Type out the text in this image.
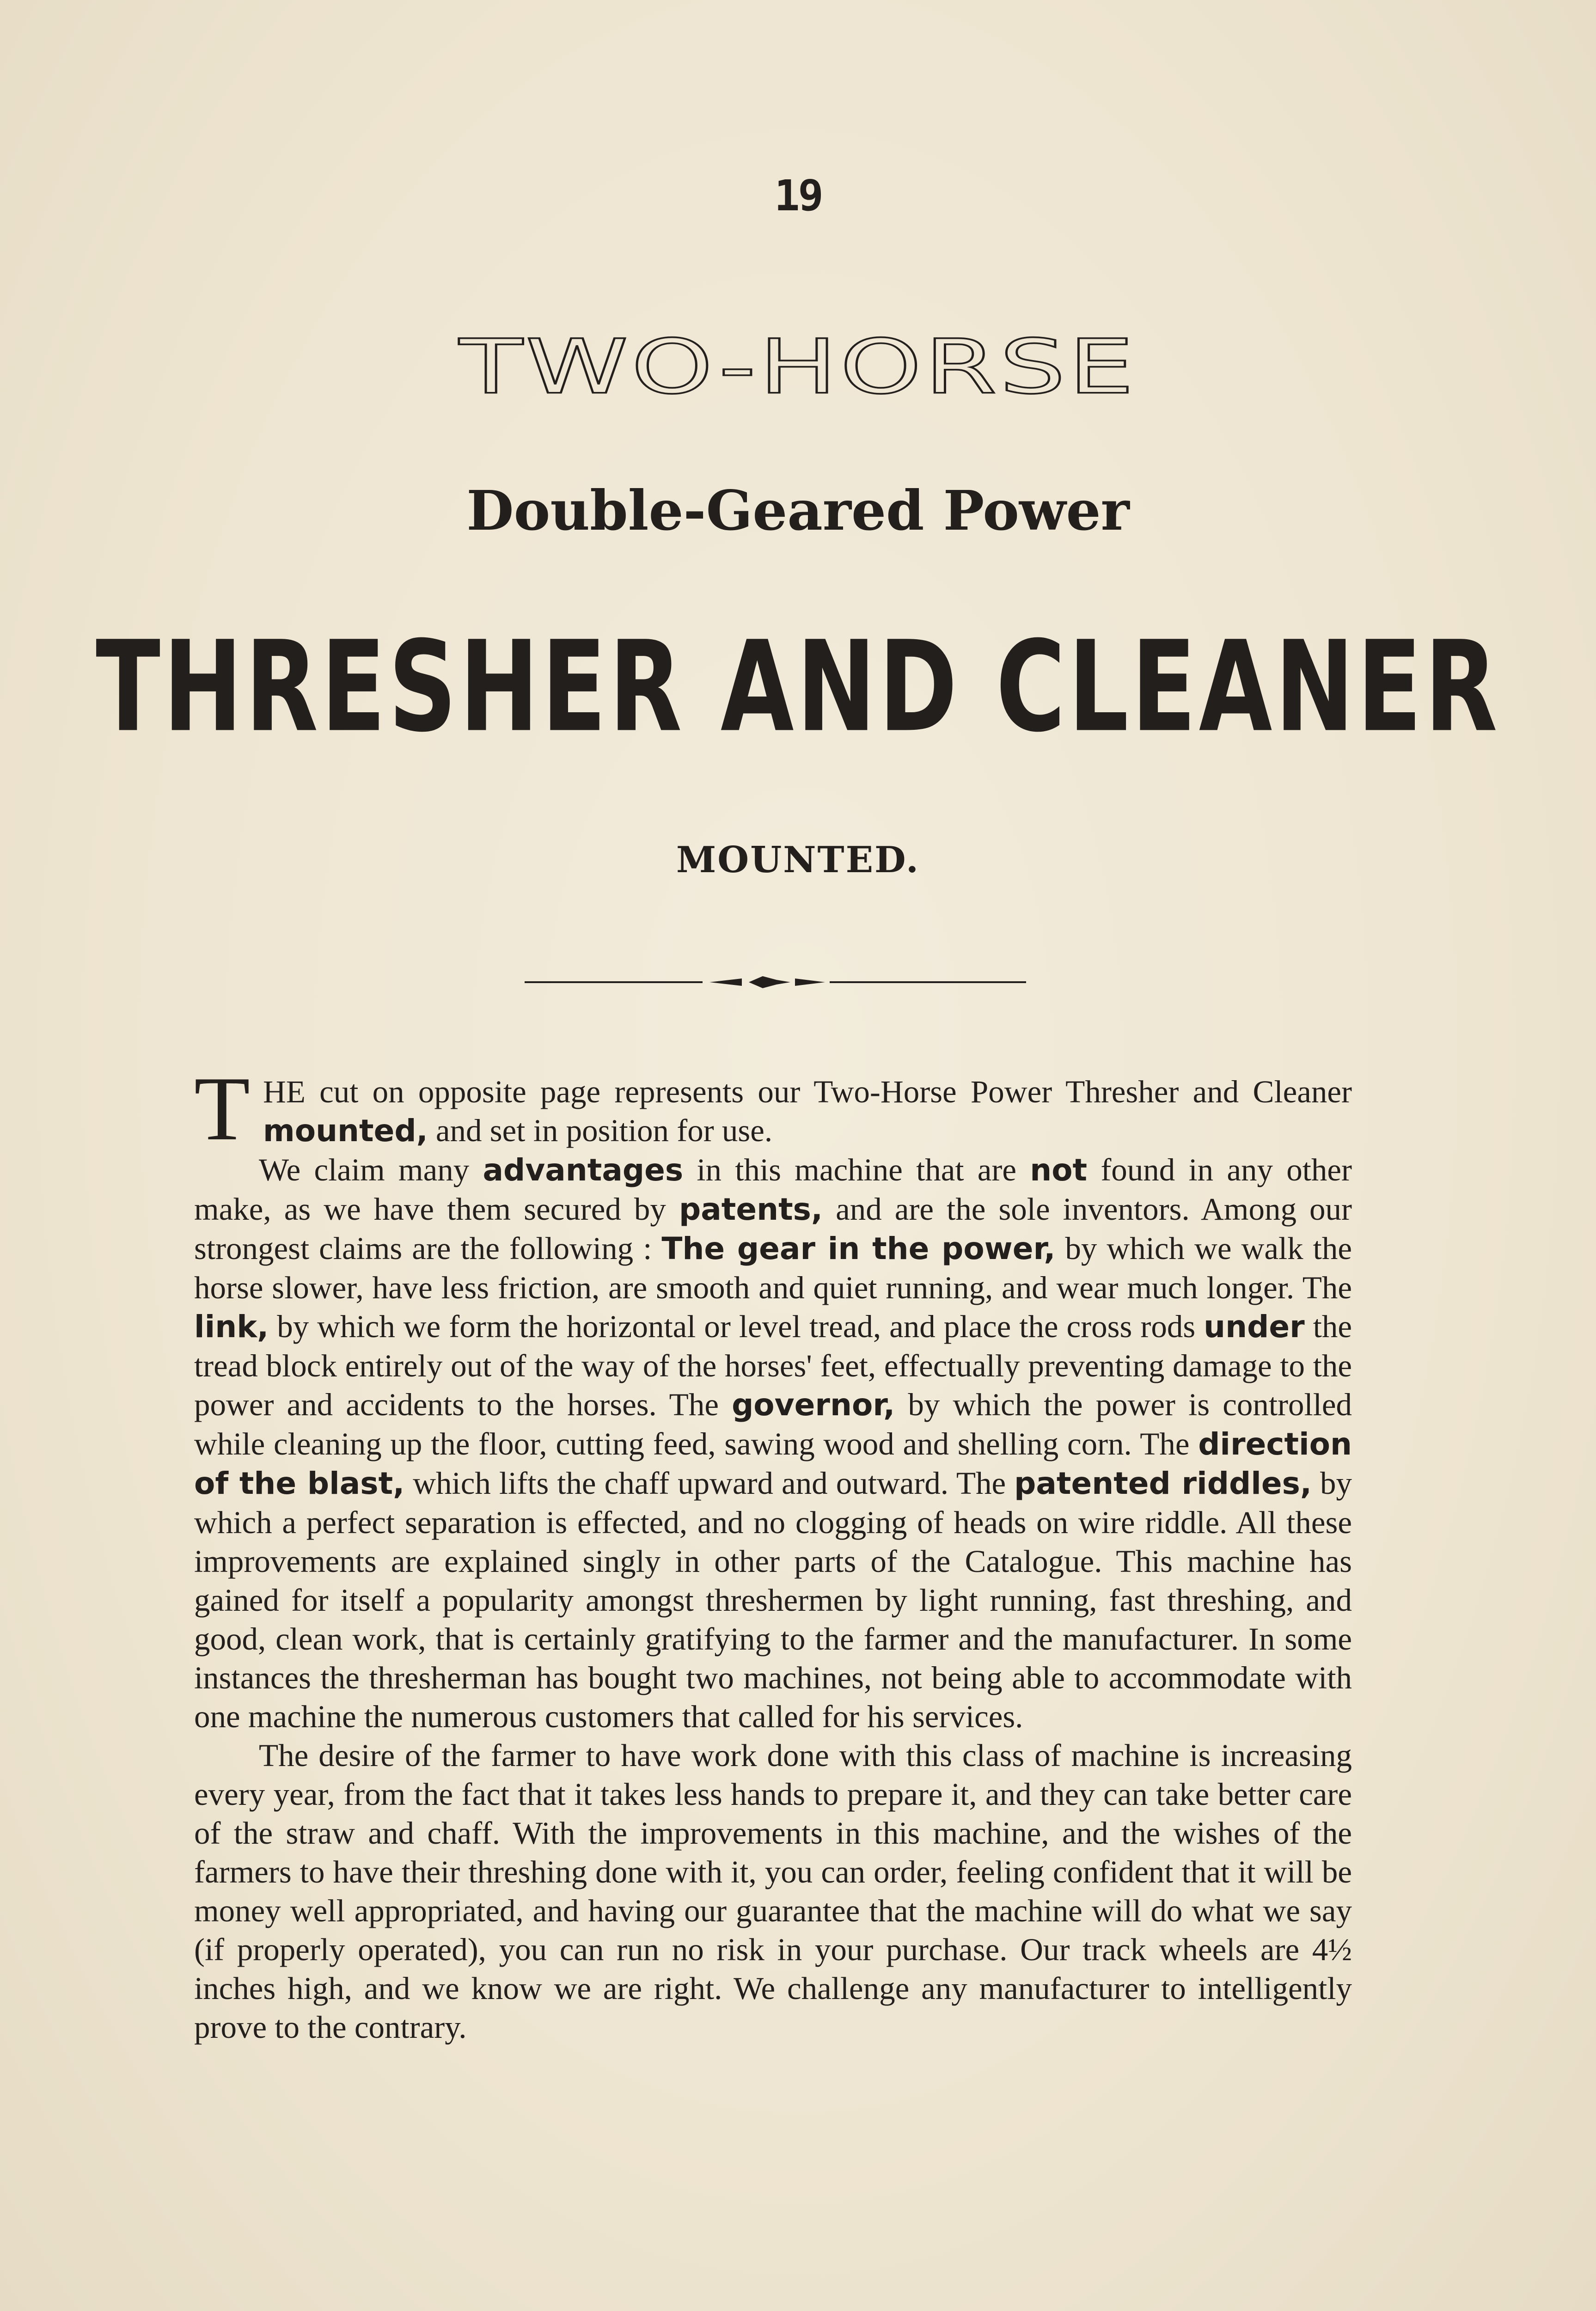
19
TWO-HORSE
Double-Geared Power
THRESHER AND CLEANER
MOUNTED.

THE cut on opposite page represents our Two-Horse Power Thresher and Cleaner mounted, and set in position for use.

We claim many advantages in this machine that are not found in any other make, as we have them secured by patents, and are the sole inventors. Among our strongest claims are the following : The gear in the power, by which we walk the horse slower, have less friction, are smooth and quiet running, and wear much longer. The link, by which we form the horizontal or level tread, and place the cross rods under the tread block entirely out of the way of the horses' feet, effectually preventing damage to the power and accidents to the horses. The governor, by which the power is controlled while cleaning up the floor, cutting feed, sawing wood and shelling corn. The direction of the blast, which lifts the chaff upward and outward. The patented riddles, by which a perfect separation is effected, and no clogging of heads on wire riddle. All these improvements are explained singly in other parts of the Catalogue. This machine has gained for itself a popularity amongst threshermen by light running, fast threshing, and good, clean work, that is certainly gratifying to the farmer and the manufacturer. In some instances the thresherman has bought two machines, not being able to accommodate with one machine the numerous customers that called for his services.

The desire of the farmer to have work done with this class of machine is increasing every year, from the fact that it takes less hands to prepare it, and they can take better care of the straw and chaff. With the improvements in this machine, and the wishes of the farmers to have their threshing done with it, you can order, feeling confident that it will be money well appropriated, and having our guarantee that the machine will do what we say (if properly operated), you can run no risk in your purchase. Our track wheels are 4½ inches high, and we know we are right. We challenge any manufacturer to intelligently prove to the contrary.
